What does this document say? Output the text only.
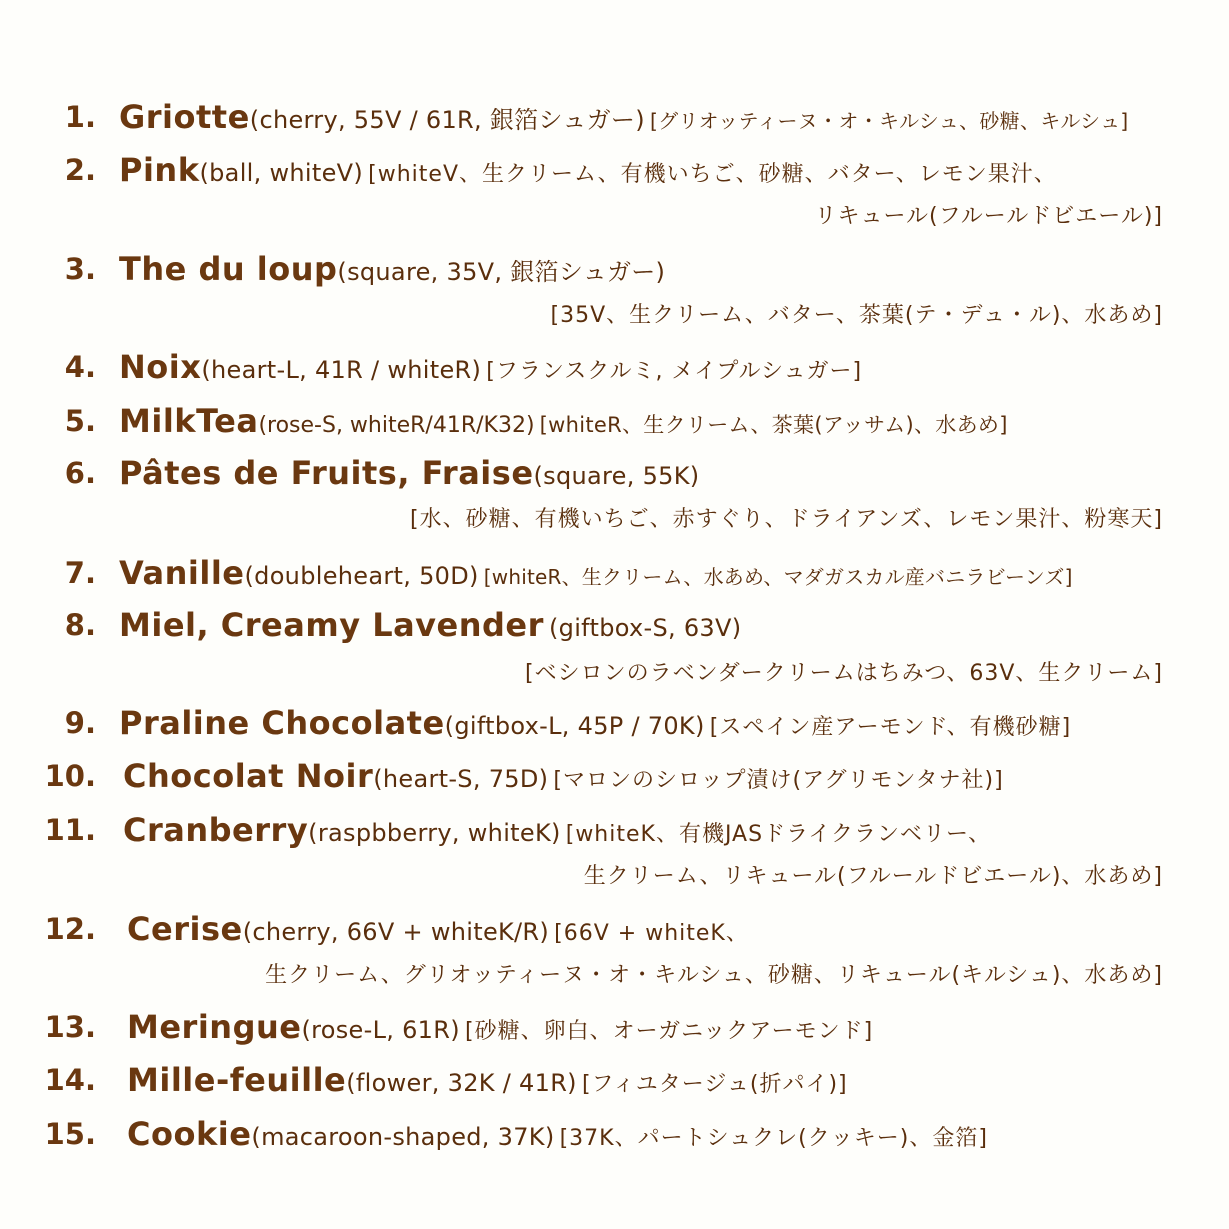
1. Griotte(cherry, 55V / 61R, 銀箔シュガー) [グリオッティーヌ・オ・キルシュ、砂糖、キルシュ]
2. Pink(ball, whiteV) [whiteV、生クリーム、有機いちご、砂糖、バター、レモン果汁、
リキュール(フルールドビエール)]
3. The du loup(square, 35V, 銀箔シュガー)
[35V、生クリーム、バター、茶葉(テ・デュ・ル)、水あめ]
4. Noix(heart-L, 41R / whiteR) [フランスクルミ, メイプルシュガー]
5. MilkTea(rose-S, whiteR/41R/K32) [whiteR、生クリーム、茶葉(アッサム)、水あめ]
6. Pâtes de Fruits, Fraise(square, 55K)
[水、砂糖、有機いちご、赤すぐり、ドライアンズ、レモン果汁、粉寒天]
7. Vanille(doubleheart, 50D) [whiteR、生クリーム、水あめ、マダガスカル産バニラビーンズ]
8. Miel, Creamy Lavender (giftbox-S, 63V)
[ベシロンのラベンダークリームはちみつ、63V、生クリーム]
9. Praline Chocolate(giftbox-L, 45P / 70K) [スペイン産アーモンド、有機砂糖]
10. Chocolat Noir(heart-S, 75D) [マロンのシロップ漬け(アグリモンタナ社)]
11. Cranberry(raspbberry, whiteK) [whiteK、有機JASドライクランベリー、
生クリーム、リキュール(フルールドビエール)、水あめ]
12. Cerise(cherry, 66V + whiteK/R) [66V + whiteK、
生クリーム、グリオッティーヌ・オ・キルシュ、砂糖、リキュール(キルシュ)、水あめ]
13. Meringue(rose-L, 61R) [砂糖、卵白、オーガニックアーモンド]
14. Mille-feuille(flower, 32K / 41R) [フィユタージュ(折パイ)]
15. Cookie(macaroon-shaped, 37K) [37K、パートシュクレ(クッキー)、金箔]
